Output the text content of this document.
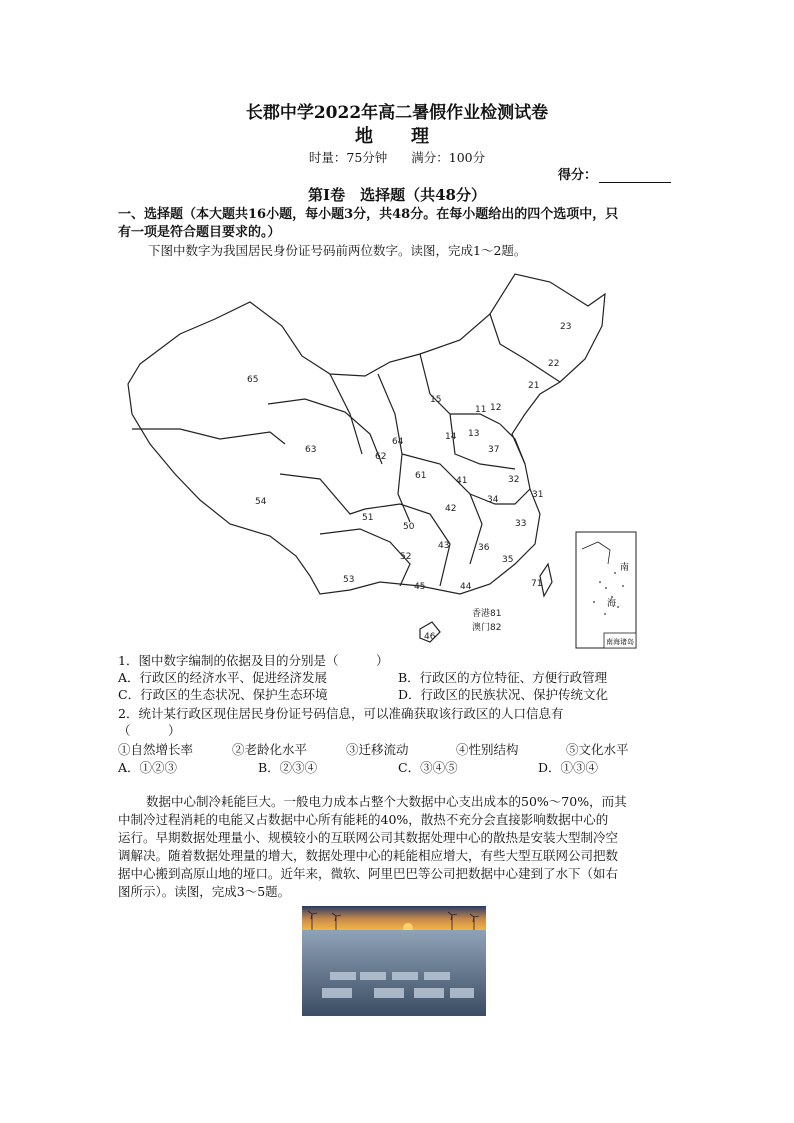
长郡中学2022年高二暑假作业检测试卷
地　理
时量：75分钟 满分：100分
得分：
第Ⅰ卷　选择题（共48分）
一、选择题（本大题共16小题，每小题3分，共48分。在每小题给出的四个选项中，只
有一项是符合题目要求的。）
下图中数字为我国居民身份证号码前两位数字。读图，完成1～2题。
65
15
23
22
21
11 12
13
14
37
64
62
63
61	41	32
31
34
54
51
50
42
33
52
43	36
35
53
45	44	71
46
香港81
澳门82
南
海
南海诸岛
1．图中数字编制的依据及目的分别是（　　　）
A．行政区的经济水平、促进经济发展	B．行政区的方位特征、方便行政管理
C．行政区的生态状况、保护生态环境	D．行政区的民族状况、保护传统文化
2．统计某行政区现住居民身份证号码信息，可以准确获取该行政区的人口信息有
（　　　）
①自然增长率	②老龄化水平	③迁移流动	④性别结构	⑤文化水平
A．①②③	B．②③④	C．③④⑤	D．①③④
数据中心制冷耗能巨大。一般电力成本占整个大数据中心支出成本的50%～70%，而其
中制冷过程消耗的电能又占数据中心所有能耗的40%，散热不充分会直接影响数据中心的
运行。早期数据处理量小、规模较小的互联网公司其数据处理中心的散热是安装大型制冷空
调解决。随着数据处理量的增大，数据处理中心的耗能相应增大，有些大型互联网公司把数
据中心搬到高原山地的垭口。近年来，微软、阿里巴巴等公司把数据中心建到了水下（如右
图所示）。读图，完成3～5题。
